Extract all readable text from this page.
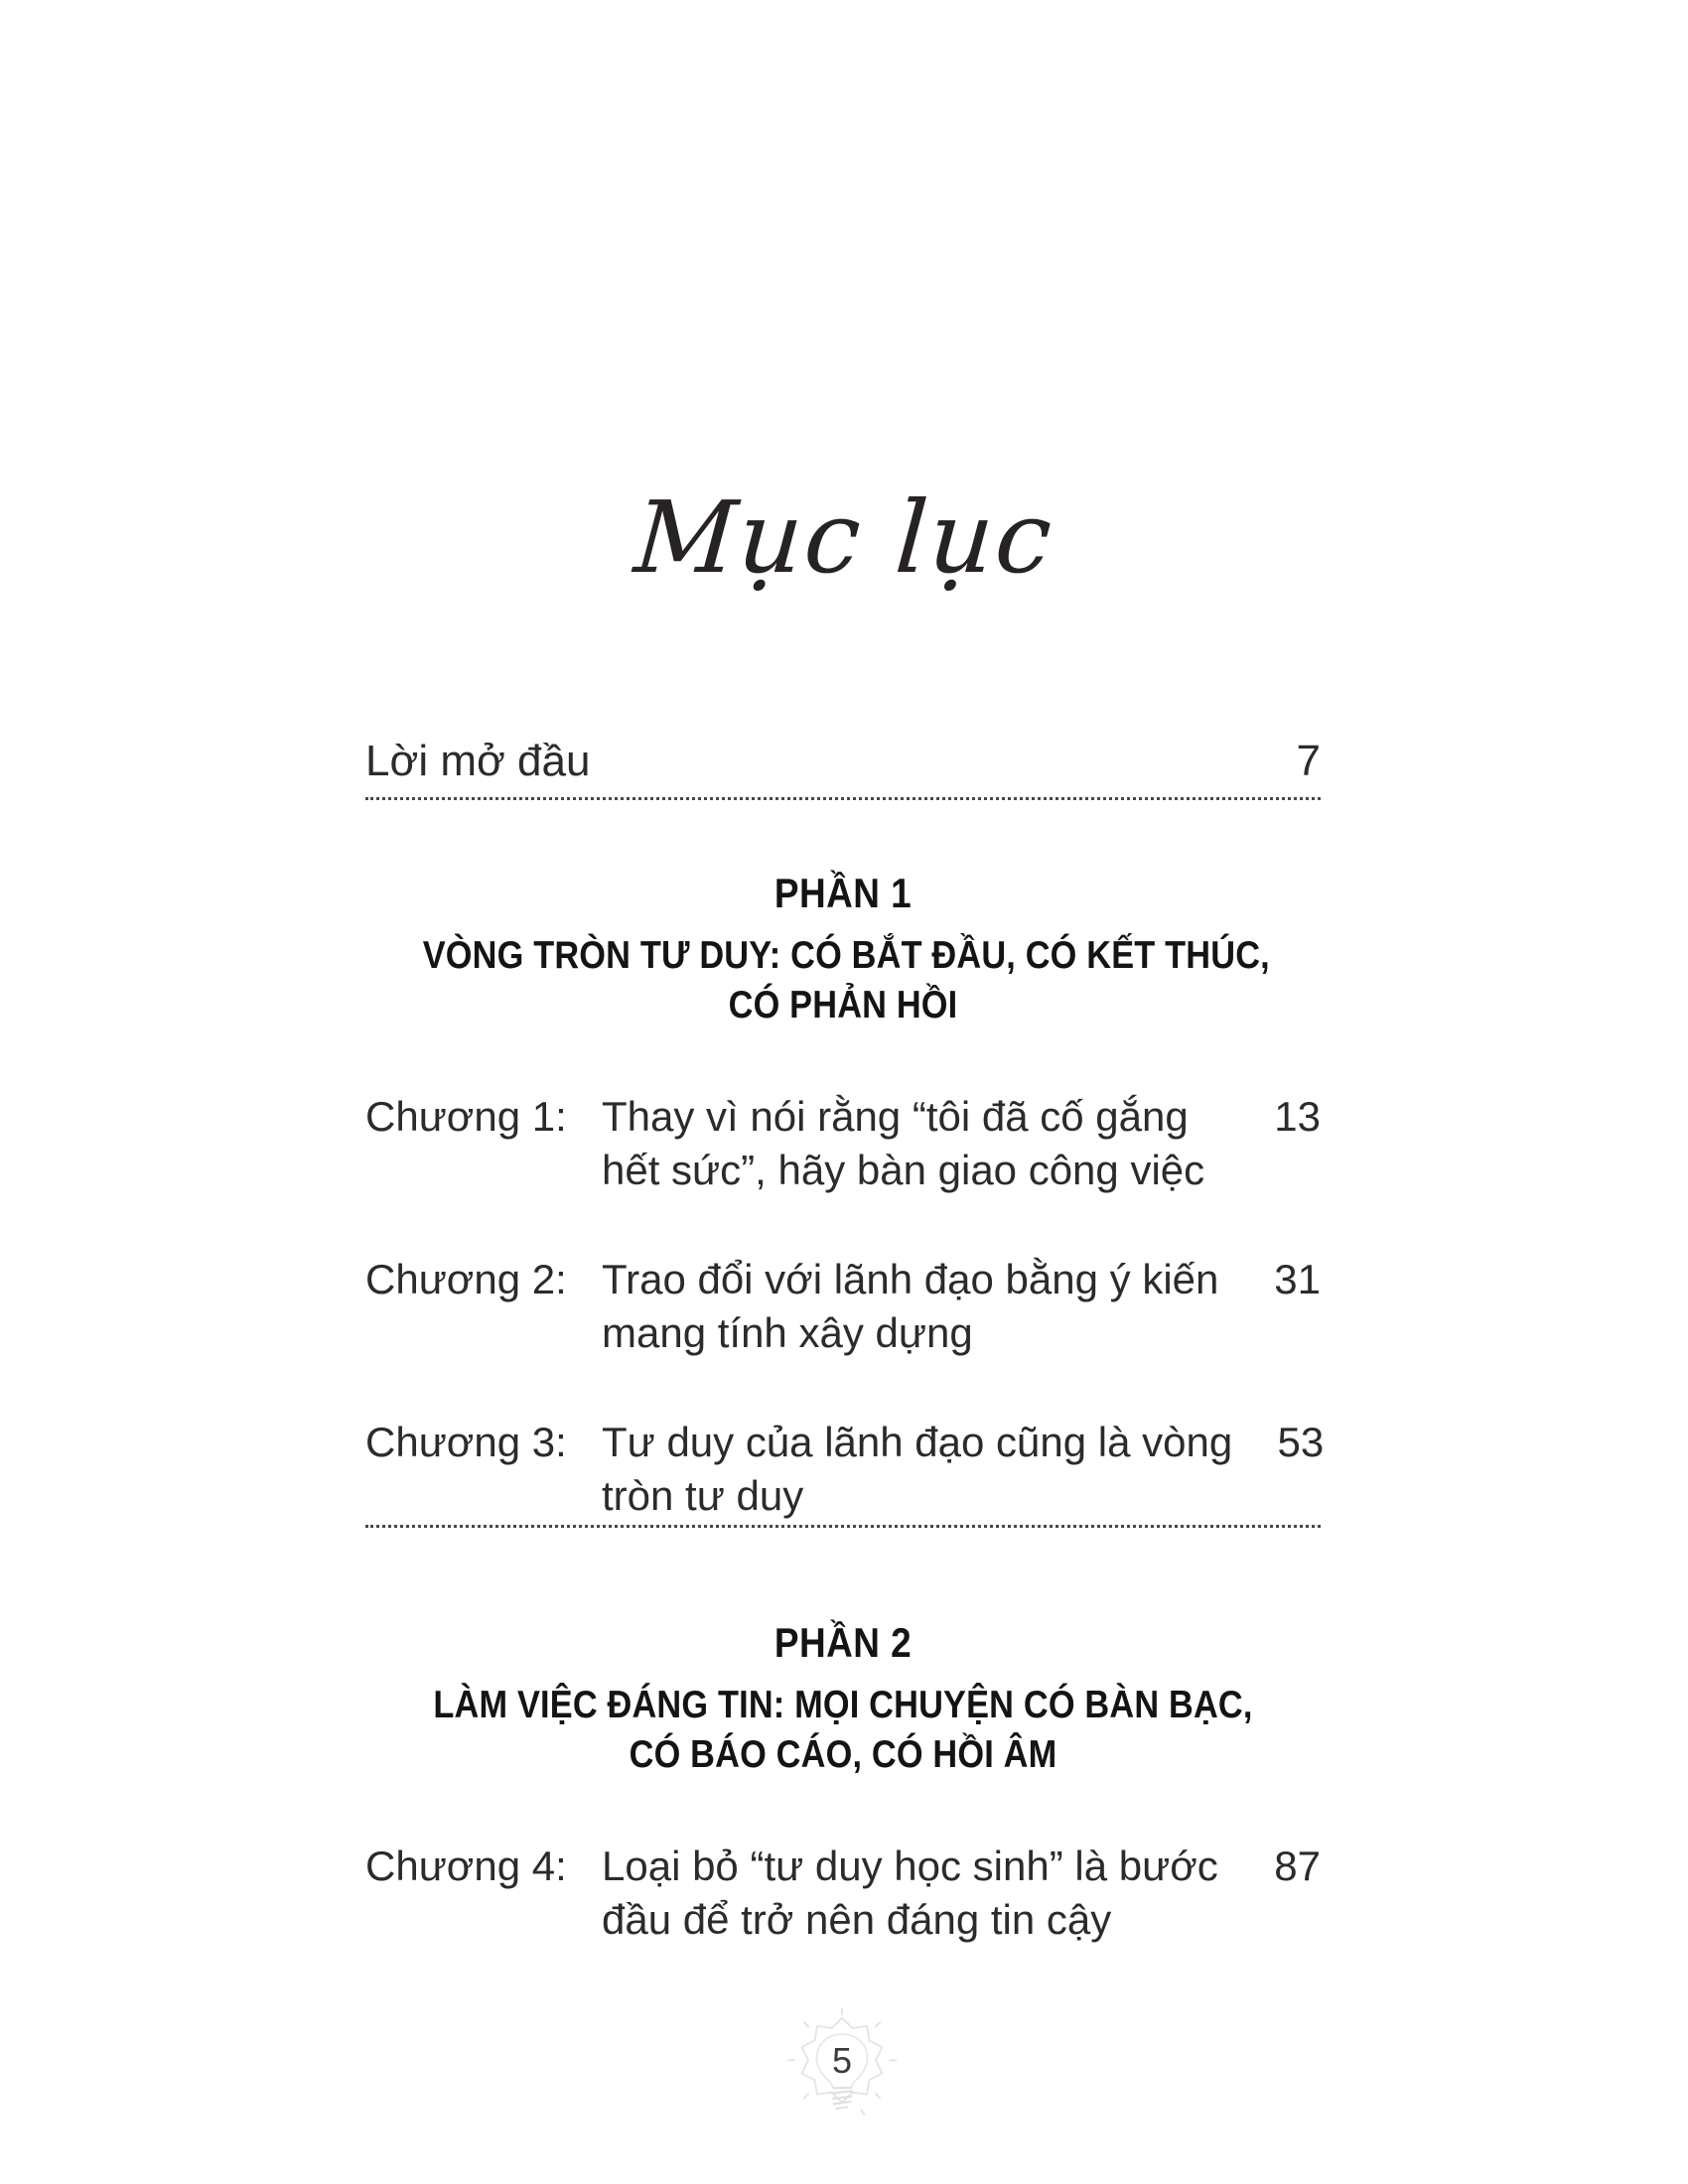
Mục lục
Lời mở đầu	7
PHẦN 1
VÒNG TRÒN TƯ DUY: CÓ BẮT ĐẦU, CÓ KẾT THÚC,
CÓ PHẢN HỒI
Chương 1: Thay vì nói rằng “tôi đã cố gắng
hết sức”, hãy bàn giao công việc
13
Chương 2: Trao đổi với lãnh đạo bằng ý kiến
mang tính xây dựng
31
Chương 3: Tư duy của lãnh đạo cũng là vòng
tròn tư duy
53
PHẦN 2
LÀM VIỆC ĐÁNG TIN: MỌI CHUYỆN CÓ BÀN BẠC,
CÓ BÁO CÁO, CÓ HỒI ÂM
Chương 4: Loại bỏ “tư duy học sinh” là bước
đầu để trở nên đáng tin cậy
87
5
